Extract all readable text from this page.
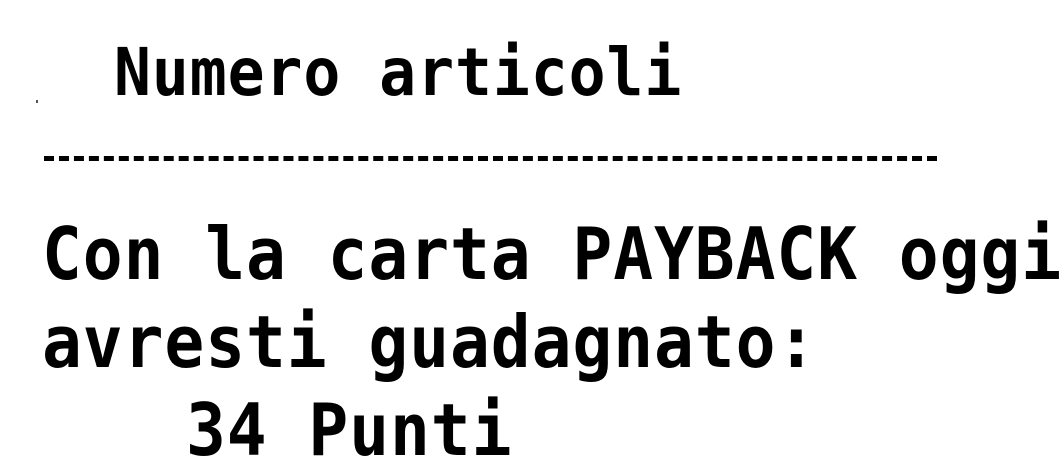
Numero articoli
Con la carta PAYBACK oggi
avresti guadagnato:
34 Punti
